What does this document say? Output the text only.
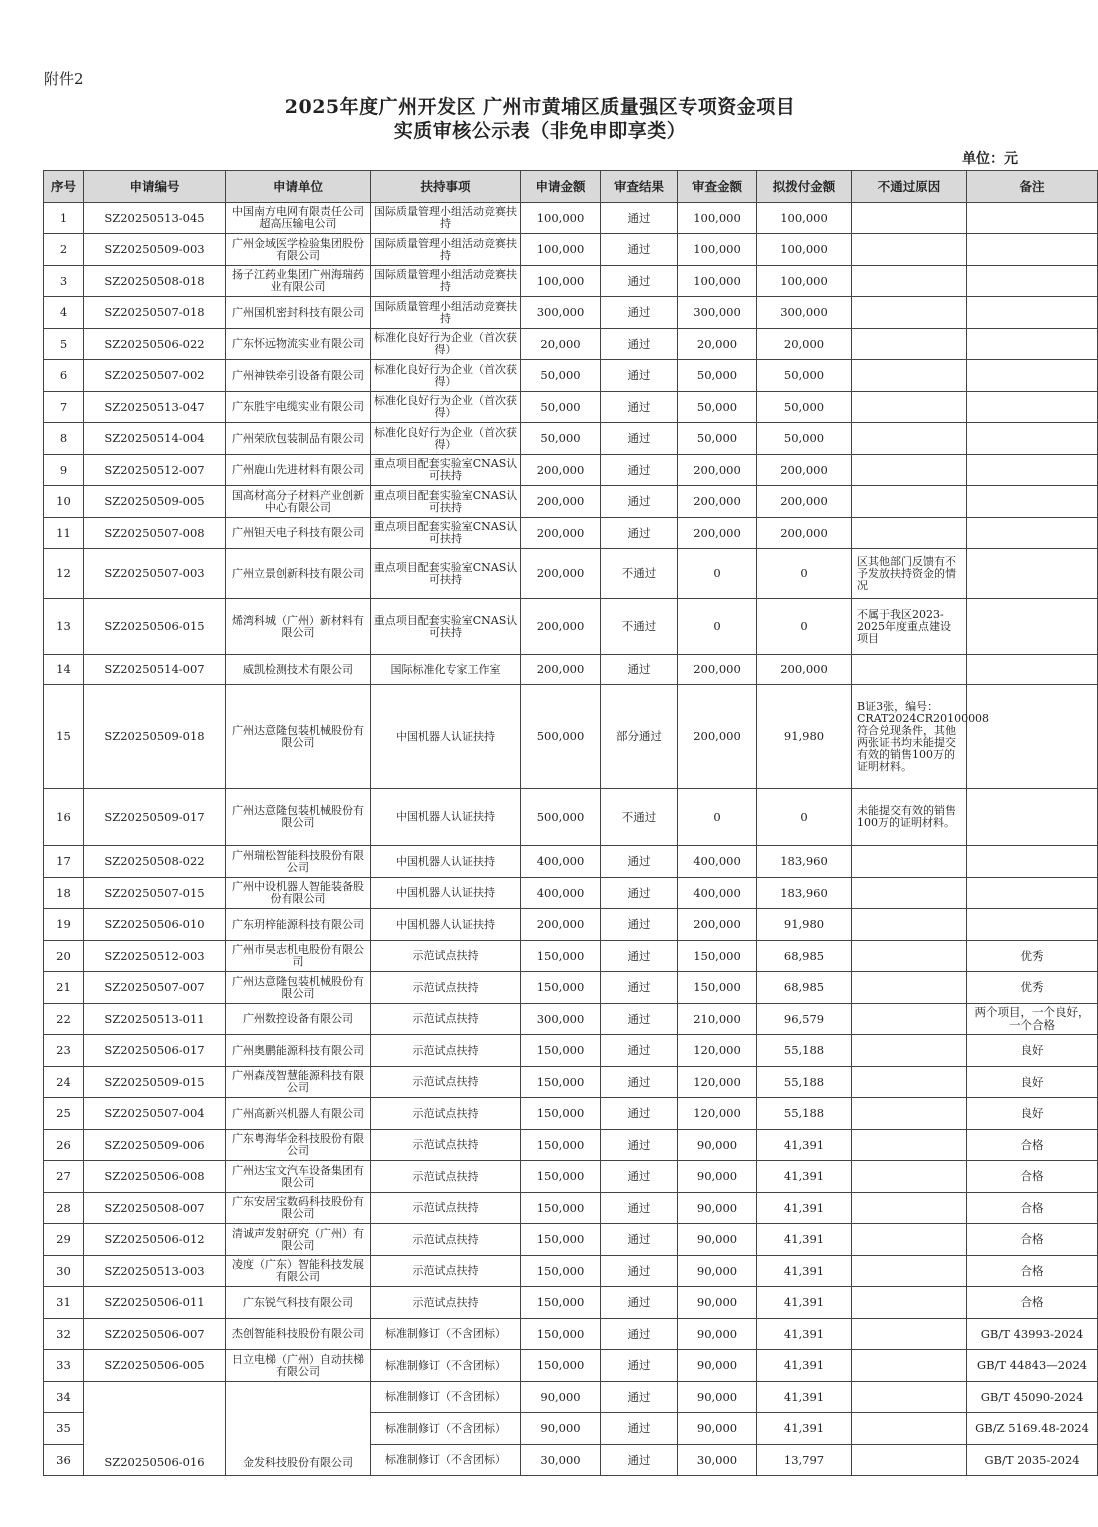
附件2
2025年度广州开发区 广州市黄埔区质量强区专项资金项目
实质审核公示表（非免申即享类）
单位：元
序号	申请编号	申请单位	扶持事项	申请金额	审查结果	审查金额	拟拨付金额	不通过原因	备注
1	SZ20250513-045	中国南方电网有限责任公司超高压输电公司	国际质量管理小组活动竞赛扶持	100,000	通过	100,000	100,000		
2	SZ20250509-003	广州金域医学检验集团股份有限公司	国际质量管理小组活动竞赛扶持	100,000	通过	100,000	100,000		
3	SZ20250508-018	扬子江药业集团广州海瑞药业有限公司	国际质量管理小组活动竞赛扶持	100,000	通过	100,000	100,000		
4	SZ20250507-018	广州国机密封科技有限公司	国际质量管理小组活动竞赛扶持	300,000	通过	300,000	300,000		
5	SZ20250506-022	广东怀远物流实业有限公司	标准化良好行为企业（首次获得）	20,000	通过	20,000	20,000		
6	SZ20250507-002	广州神铁牵引设备有限公司	标准化良好行为企业（首次获得）	50,000	通过	50,000	50,000		
7	SZ20250513-047	广东胜宇电缆实业有限公司	标准化良好行为企业（首次获得）	50,000	通过	50,000	50,000		
8	SZ20250514-004	广州荣欣包装制品有限公司	标准化良好行为企业（首次获得）	50,000	通过	50,000	50,000		
9	SZ20250512-007	广州鹿山先进材料有限公司	重点项目配套实验室CNAS认可扶持	200,000	通过	200,000	200,000		
10	SZ20250509-005	国高材高分子材料产业创新中心有限公司	重点项目配套实验室CNAS认可扶持	200,000	通过	200,000	200,000		
11	SZ20250507-008	广州钽天电子科技有限公司	重点项目配套实验室CNAS认可扶持	200,000	通过	200,000	200,000		
12	SZ20250507-003	广州立景创新科技有限公司	重点项目配套实验室CNAS认可扶持	200,000	不通过	0	0	区其他部门反馈有不予发放扶持资金的情况	
13	SZ20250506-015	烯湾科城（广州）新材料有限公司	重点项目配套实验室CNAS认可扶持	200,000	不通过	0	0	不属于我区2023-2025年度重点建设项目	
14	SZ20250514-007	威凯检测技术有限公司	国际标准化专家工作室	200,000	通过	200,000	200,000		
15	SZ20250509-018	广州达意隆包装机械股份有限公司	中国机器人认证扶持	500,000	部分通过	200,000	91,980	B证3张，编号：CRAT2024CR20100008符合兑现条件，其他两张证书均未能提交有效的销售100万的证明材料。	
16	SZ20250509-017	广州达意隆包装机械股份有限公司	中国机器人认证扶持	500,000	不通过	0	0	未能提交有效的销售100万的证明材料。	
17	SZ20250508-022	广州瑞松智能科技股份有限公司	中国机器人认证扶持	400,000	通过	400,000	183,960		
18	SZ20250507-015	广州中设机器人智能装备股份有限公司	中国机器人认证扶持	400,000	通过	400,000	183,960		
19	SZ20250506-010	广东玥梓能源科技有限公司	中国机器人认证扶持	200,000	通过	200,000	91,980		
20	SZ20250512-003	广州市昊志机电股份有限公司	示范试点扶持	150,000	通过	150,000	68,985		优秀
21	SZ20250507-007	广州达意隆包装机械股份有限公司	示范试点扶持	150,000	通过	150,000	68,985		优秀
22	SZ20250513-011	广州数控设备有限公司	示范试点扶持	300,000	通过	210,000	96,579		两个项目，一个良好，一个合格
23	SZ20250506-017	广州奥鹏能源科技有限公司	示范试点扶持	150,000	通过	120,000	55,188		良好
24	SZ20250509-015	广州森茂智慧能源科技有限公司	示范试点扶持	150,000	通过	120,000	55,188		良好
25	SZ20250507-004	广州高新兴机器人有限公司	示范试点扶持	150,000	通过	120,000	55,188		良好
26	SZ20250509-006	广东粤海华金科技股份有限公司	示范试点扶持	150,000	通过	90,000	41,391		合格
27	SZ20250506-008	广州达宝文汽车设备集团有限公司	示范试点扶持	150,000	通过	90,000	41,391		合格
28	SZ20250508-007	广东安居宝数码科技股份有限公司	示范试点扶持	150,000	通过	90,000	41,391		合格
29	SZ20250506-012	清诚声发射研究（广州）有限公司	示范试点扶持	150,000	通过	90,000	41,391		合格
30	SZ20250513-003	凌度（广东）智能科技发展有限公司	示范试点扶持	150,000	通过	90,000	41,391		合格
31	SZ20250506-011	广东锐气科技有限公司	示范试点扶持	150,000	通过	90,000	41,391		合格
32	SZ20250506-007	杰创智能科技股份有限公司	标准制修订（不含团标）	150,000	通过	90,000	41,391		GB/T 43993-2024
33	SZ20250506-005	日立电梯（广州）自动扶梯有限公司	标准制修订（不含团标）	150,000	通过	90,000	41,391		GB/T 44843—2024
34	SZ20250506-016	金发科技股份有限公司	标准制修订（不含团标）	90,000	通过	90,000	41,391		GB/T 45090-2024
35			标准制修订（不含团标）	90,000	通过	90,000	41,391		GB/Z 5169.48-2024
36			标准制修订（不含团标）	30,000	通过	30,000	13,797		GB/T 2035-2024
